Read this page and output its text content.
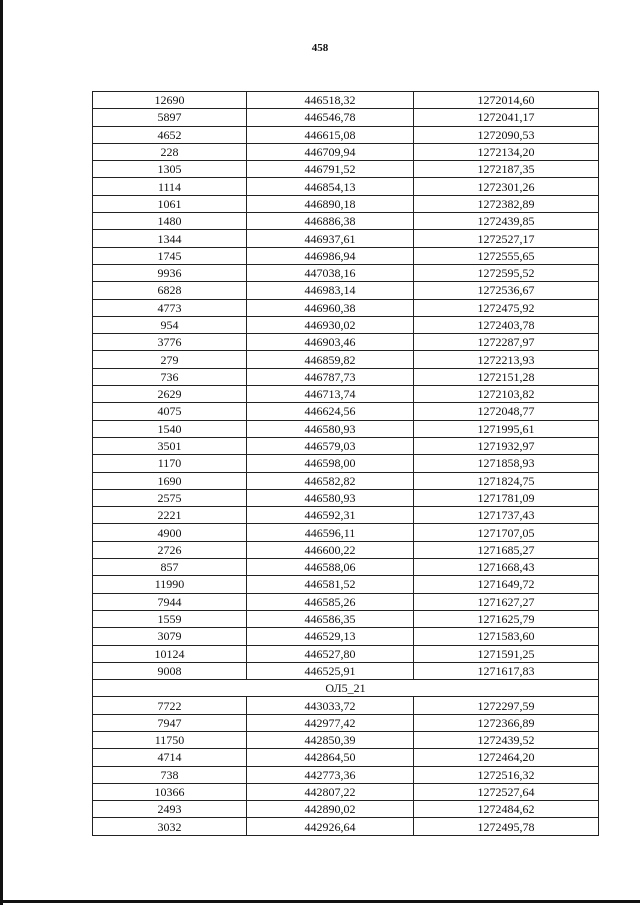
458
12690	446518,32	1272014,60
5897	446546,78	1272041,17
4652	446615,08	1272090,53
228	446709,94	1272134,20
1305	446791,52	1272187,35
1114	446854,13	1272301,26
1061	446890,18	1272382,89
1480	446886,38	1272439,85
1344	446937,61	1272527,17
1745	446986,94	1272555,65
9936	447038,16	1272595,52
6828	446983,14	1272536,67
4773	446960,38	1272475,92
954	446930,02	1272403,78
3776	446903,46	1272287,97
279	446859,82	1272213,93
736	446787,73	1272151,28
2629	446713,74	1272103,82
4075	446624,56	1272048,77
1540	446580,93	1271995,61
3501	446579,03	1271932,97
1170	446598,00	1271858,93
1690	446582,82	1271824,75
2575	446580,93	1271781,09
2221	446592,31	1271737,43
4900	446596,11	1271707,05
2726	446600,22	1271685,27
857	446588,06	1271668,43
11990	446581,52	1271649,72
7944	446585,26	1271627,27
1559	446586,35	1271625,79
3079	446529,13	1271583,60
10124	446527,80	1271591,25
9008	446525,91	1271617,83
ОЛ5_21		
7722	443033,72	1272297,59
7947	442977,42	1272366,89
11750	442850,39	1272439,52
4714	442864,50	1272464,20
738	442773,36	1272516,32
10366	442807,22	1272527,64
2493	442890,02	1272484,62
3032	442926,64	1272495,78
